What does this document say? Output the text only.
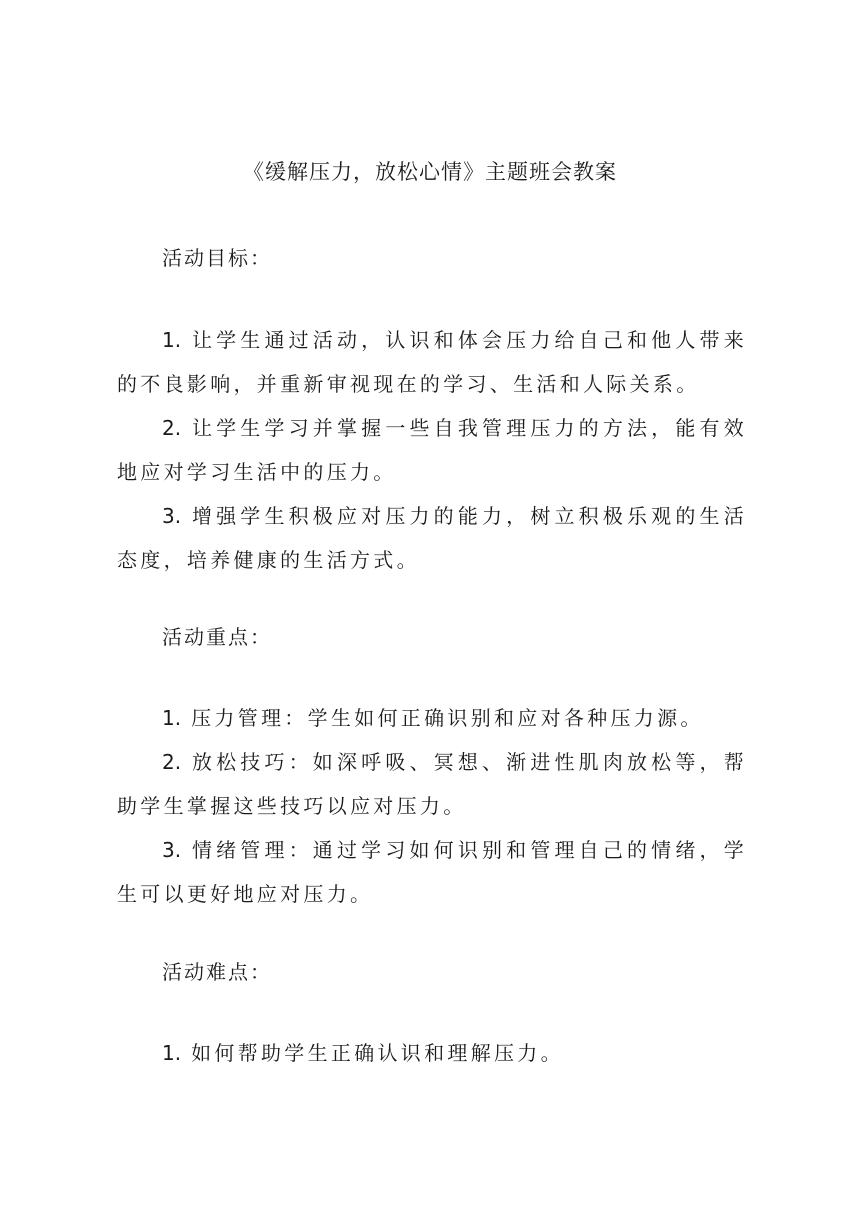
《缓解压力，放松心情》主题班会教案
活动目标：
1. 让学生通过活动，认识和体会压力给自己和他人带来的不良影响，并重新审视现在的学习、生活和人际关系。
2. 让学生学习并掌握一些自我管理压力的方法，能有效地应对学习生活中的压力。
3. 增强学生积极应对压力的能力，树立积极乐观的生活态度，培养健康的生活方式。
活动重点：
1. 压力管理：学生如何正确识别和应对各种压力源。
2. 放松技巧：如深呼吸、冥想、渐进性肌肉放松等，帮助学生掌握这些技巧以应对压力。
3. 情绪管理：通过学习如何识别和管理自己的情绪，学生可以更好地应对压力。
活动难点：
1. 如何帮助学生正确认识和理解压力。
